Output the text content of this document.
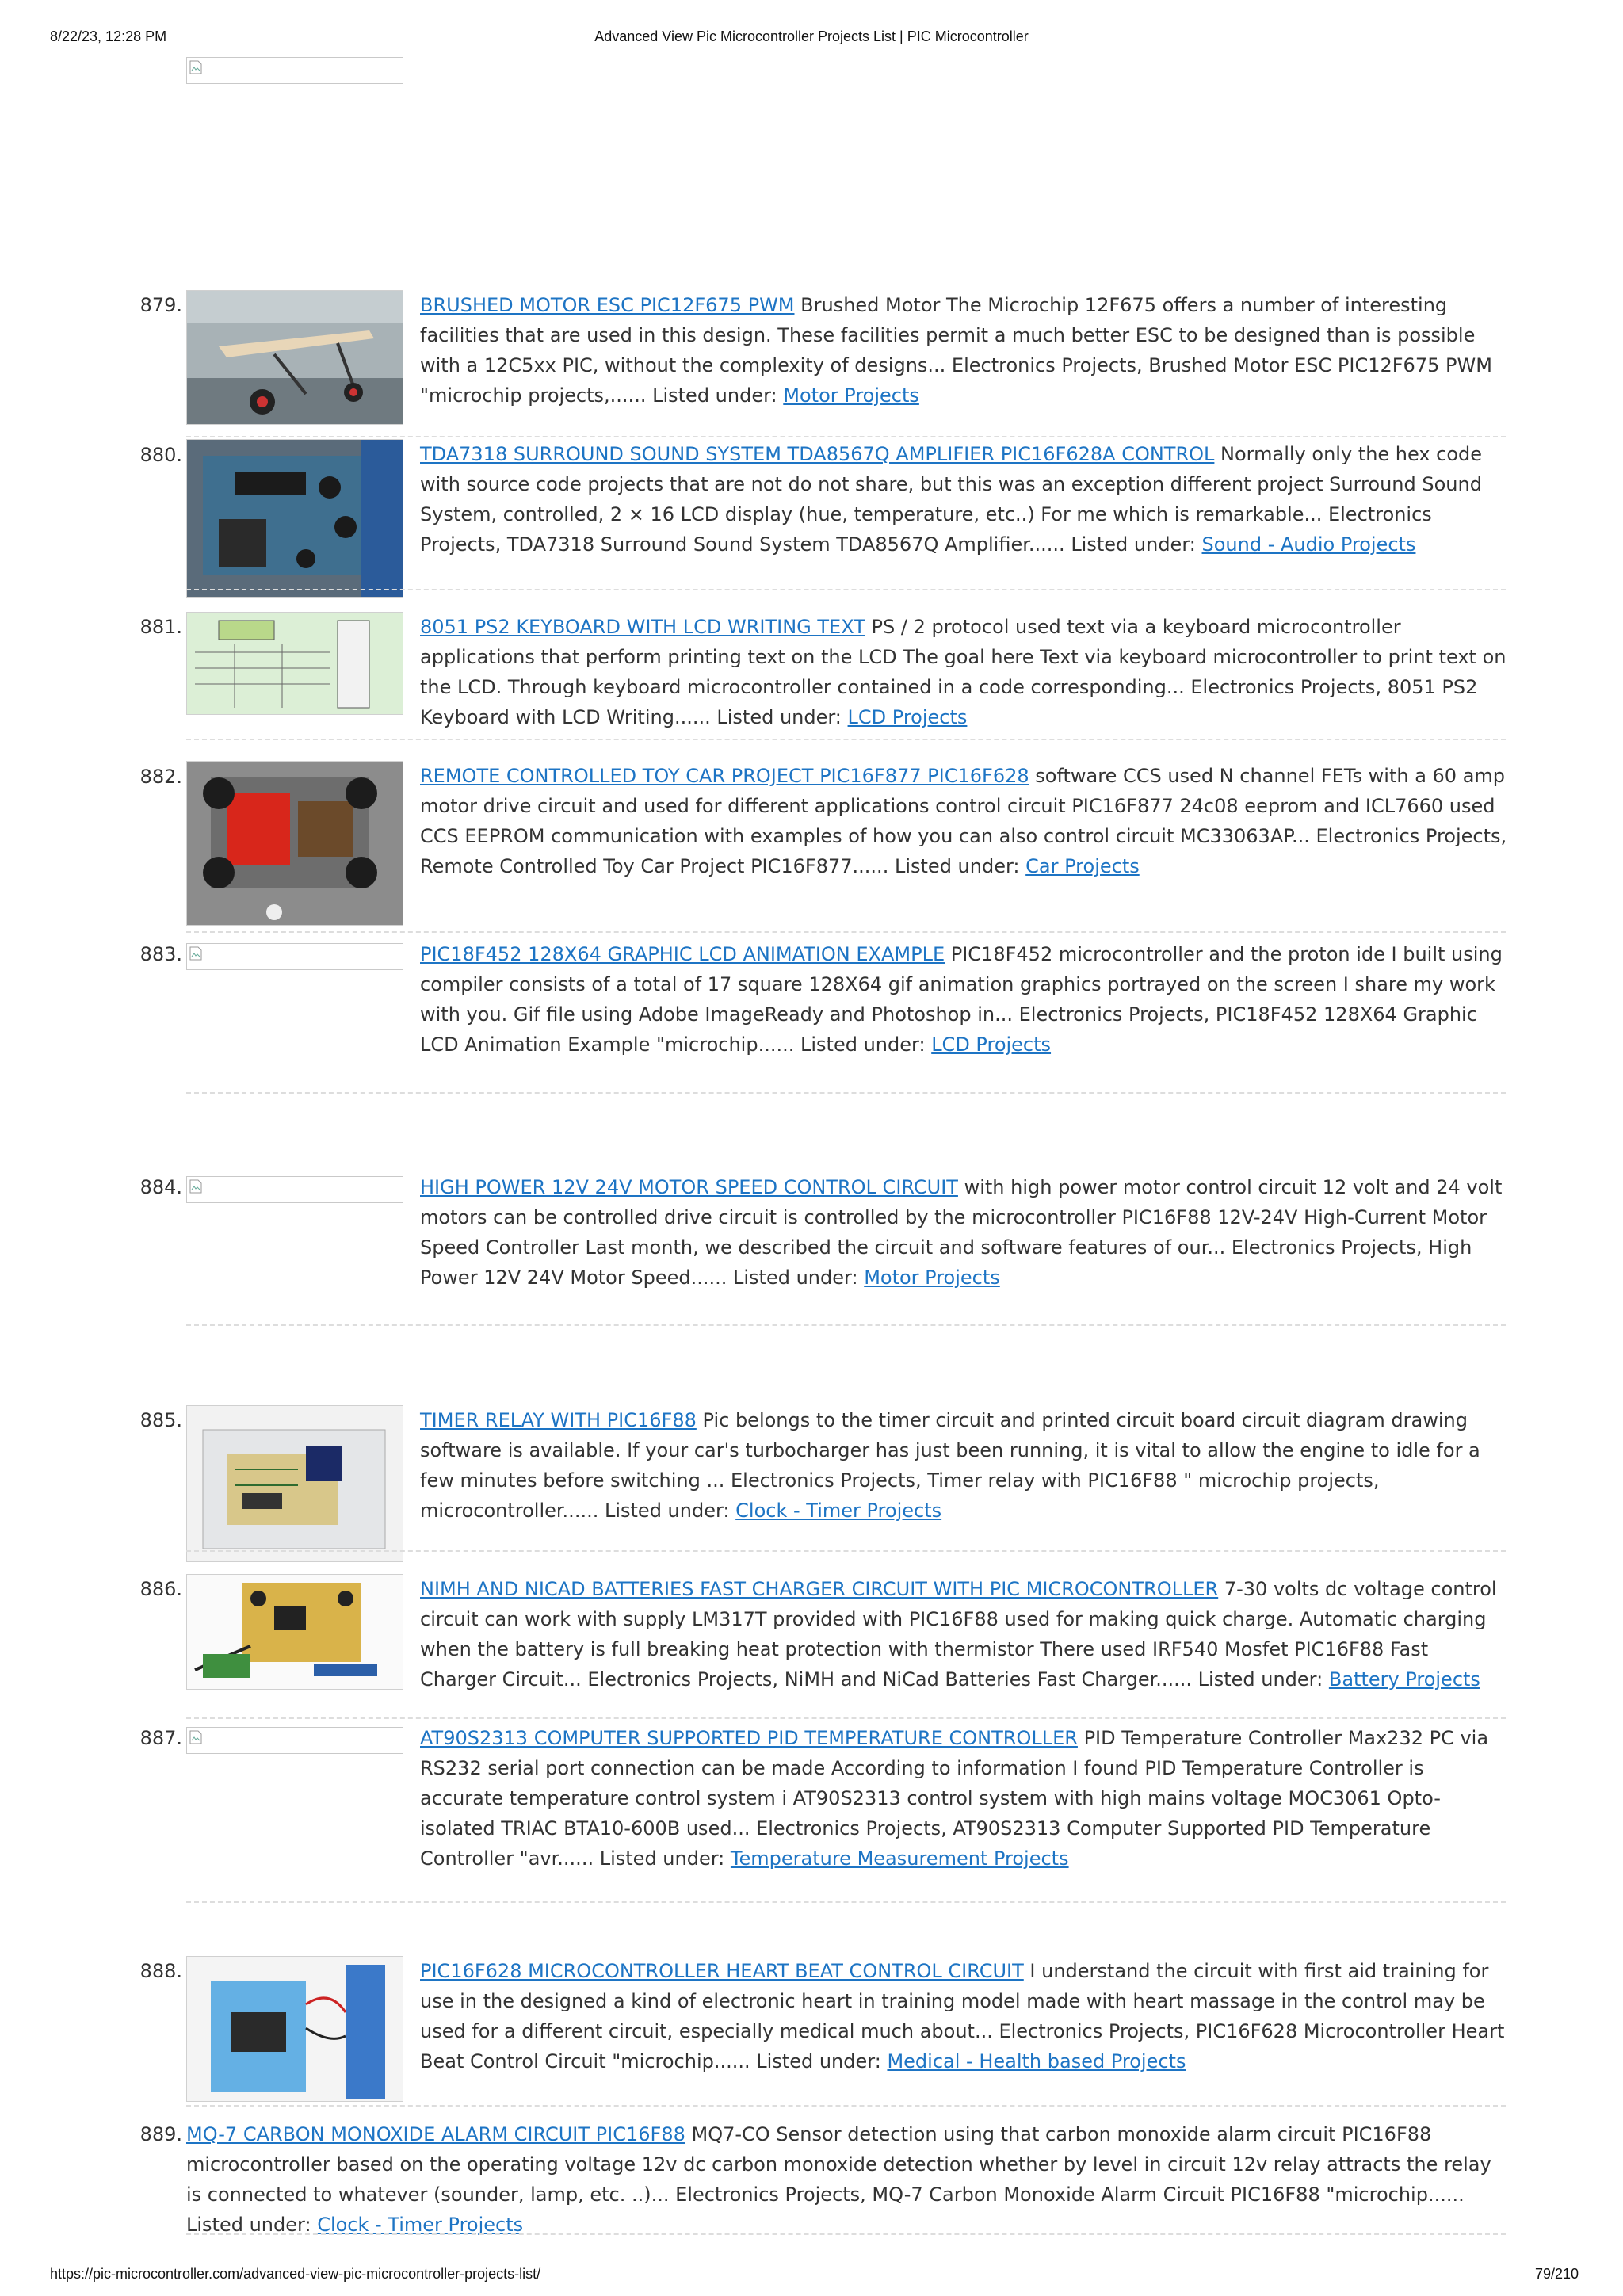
8/22/23, 12:28 PM	Advanced View Pic Microcontroller Projects List | PIC Microcontroller
879.	BRUSHED MOTOR ESC PIC12F675 PWM Brushed Motor The Microchip 12F675 offers a number of interesting facilities that are used in this design. These facilities permit a much better ESC to be designed than is possible with a 12C5xx PIC, without the complexity of designs... Electronics Projects, Brushed Motor ESC PIC12F675 PWM "microchip projects,...... Listed under: Motor Projects
880.	TDA7318 SURROUND SOUND SYSTEM TDA8567Q AMPLIFIER PIC16F628A CONTROL Normally only the hex code with source code projects that are not do not share, but this was an exception different project Surround Sound System, controlled, 2 × 16 LCD display (hue, temperature, etc..) For me which is remarkable... Electronics Projects, TDA7318 Surround Sound System TDA8567Q Amplifier...... Listed under: Sound - Audio Projects
881.	8051 PS2 KEYBOARD WITH LCD WRITING TEXT PS / 2 protocol used text via a keyboard microcontroller applications that perform printing text on the LCD The goal here Text via keyboard microcontroller to print text on the LCD. Through keyboard microcontroller contained in a code corresponding... Electronics Projects, 8051 PS2 Keyboard with LCD Writing...... Listed under: LCD Projects
882.	REMOTE CONTROLLED TOY CAR PROJECT PIC16F877 PIC16F628 software CCS used N channel FETs with a 60 amp motor drive circuit and used for different applications control circuit PIC16F877 24c08 eeprom and ICL7660 used CCS EEPROM communication with examples of how you can also control circuit MC33063AP... Electronics Projects, Remote Controlled Toy Car Project PIC16F877...... Listed under: Car Projects
883.	PIC18F452 128X64 GRAPHIC LCD ANIMATION EXAMPLE PIC18F452 microcontroller and the proton ide I built using compiler consists of a total of 17 square 128X64 gif animation graphics portrayed on the screen I share my work with you. Gif file using Adobe ImageReady and Photoshop in... Electronics Projects, PIC18F452 128X64 Graphic LCD Animation Example "microchip...... Listed under: LCD Projects
884.	HIGH POWER 12V 24V MOTOR SPEED CONTROL CIRCUIT with high power motor control circuit 12 volt and 24 volt motors can be controlled drive circuit is controlled by the microcontroller PIC16F88 12V-24V High-Current Motor Speed Controller Last month, we described the circuit and software features of our... Electronics Projects, High Power 12V 24V Motor Speed...... Listed under: Motor Projects
885.	TIMER RELAY WITH PIC16F88 Pic belongs to the timer circuit and printed circuit board circuit diagram drawing software is available. If your car's turbocharger has just been running, it is vital to allow the engine to idle for a few minutes before switching ... Electronics Projects, Timer relay with PIC16F88 " microchip projects, microcontroller...... Listed under: Clock - Timer Projects
886.	NIMH AND NICAD BATTERIES FAST CHARGER CIRCUIT WITH PIC MICROCONTROLLER 7-30 volts dc voltage control circuit can work with supply LM317T provided with PIC16F88 used for making quick charge. Automatic charging when the battery is full breaking heat protection with thermistor There used IRF540 Mosfet PIC16F88 Fast Charger Circuit... Electronics Projects, NiMH and NiCad Batteries Fast Charger...... Listed under: Battery Projects
887.	AT90S2313 COMPUTER SUPPORTED PID TEMPERATURE CONTROLLER PID Temperature Controller Max232 PC via RS232 serial port connection can be made According to information I found PID Temperature Controller is accurate temperature control system i AT90S2313 control system with high mains voltage MOC3061 Opto-isolated TRIAC BTA10-600B used... Electronics Projects, AT90S2313 Computer Supported PID Temperature Controller "avr...... Listed under: Temperature Measurement Projects
888.	PIC16F628 MICROCONTROLLER HEART BEAT CONTROL CIRCUIT I understand the circuit with first aid training for use in the designed a kind of electronic heart in training model made with heart massage in the control may be used for a different circuit, especially medical much about... Electronics Projects, PIC16F628 Microcontroller Heart Beat Control Circuit "microchip...... Listed under: Medical - Health based Projects
889. MQ-7 CARBON MONOXIDE ALARM CIRCUIT PIC16F88 MQ7-CO Sensor detection using that carbon monoxide alarm circuit PIC16F88 microcontroller based on the operating voltage 12v dc carbon monoxide detection whether by level in circuit 12v relay attracts the relay is connected to whatever (sounder, lamp, etc. ..)... Electronics Projects, MQ-7 Carbon Monoxide Alarm Circuit PIC16F88 "microchip...... Listed under: Clock - Timer Projects
https://pic-microcontroller.com/advanced-view-pic-microcontroller-projects-list/	79/210
